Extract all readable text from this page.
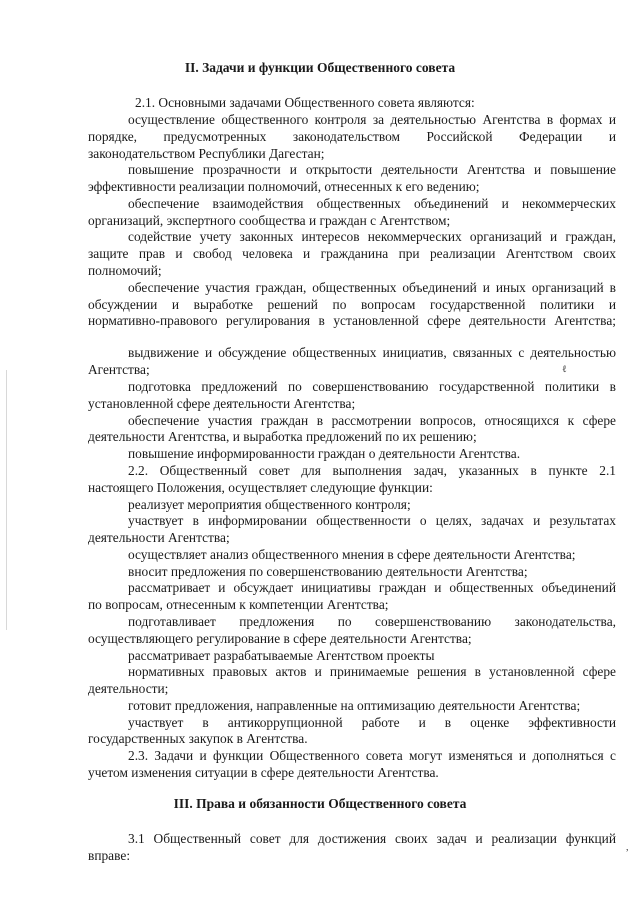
II. Задачи и функции Общественного совета
2.1. Основными задачами Общественного совета являются:
осуществление общественного контроля за деятельностью Агентства в формах и
порядке, предусмотренных законодательством Российской Федерации и
законодательством Республики Дагестан;
повышение прозрачности и открытости деятельности Агентства и повышение
эффективности реализации полномочий, отнесенных к его ведению;
обеспечение взаимодействия общественных объединений и некоммерческих
организаций, экспертного сообщества и граждан с Агентством;
содействие учету законных интересов некоммерческих организаций и граждан,
защите прав и свобод человека и гражданина при реализации Агентством своих
полномочий;
обеспечение участия граждан, общественных объединений и иных организаций в
обсуждении и выработке решений по вопросам государственной политики и
нормативно-правового регулирования в установленной сфере деятельности Агентства;
выдвижение и обсуждение общественных инициатив, связанных с деятельностью
Агентства;	ℓ
подготовка предложений по совершенствованию государственной политики в
установленной сфере деятельности Агентства;
обеспечение участия граждан в рассмотрении вопросов, относящихся к сфере
деятельности Агентства, и выработка предложений по их решению;
повышение информированности граждан о деятельности Агентства.
2.2. Общественный совет для выполнения задач, указанных в пункте 2.1
настоящего Положения, осуществляет следующие функции:
реализует мероприятия общественного контроля;
участвует в информировании общественности о целях, задачах и результатах
деятельности Агентства;
осуществляет анализ общественного мнения в сфере деятельности Агентства;
вносит предложения по совершенствованию деятельности Агентства;
рассматривает и обсуждает инициативы граждан и общественных объединений
по вопросам, отнесенным к компетенции Агентства;
подготавливает предложения по совершенствованию законодательства,
осуществляющего регулирование в сфере деятельности Агентства;
рассматривает разрабатываемые Агентством проекты
нормативных правовых актов и принимаемые решения в установленной сфере
деятельности;
готовит предложения, направленные на оптимизацию деятельности Агентства;
участвует в антикоррупционной работе и в оценке эффективности
государственных закупок в Агентства.
2.3. Задачи и функции Общественного совета могут изменяться и дополняться с
учетом изменения ситуации в сфере деятельности Агентства.
III. Права и обязанности Общественного совета
3.1 Общественный совет для достижения своих задач и реализации функций
вправе:
,
